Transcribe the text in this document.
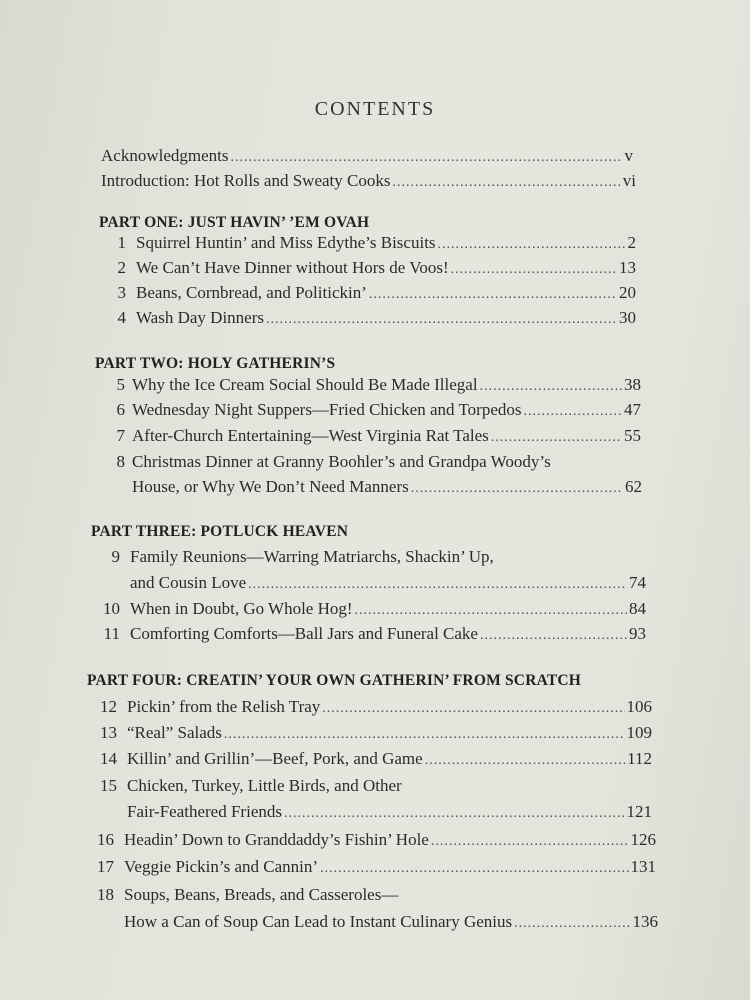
CONTENTS
Acknowledgments .....	v
Introduction: Hot Rolls and Sweaty Cooks .....	vi
PART ONE: JUST HAVIN’ ’EM OVAH
1 Squirrel Huntin’ and Miss Edythe’s Biscuits .....	2
2 We Can’t Have Dinner without Hors de Voos! .....	13
3 Beans, Cornbread, and Politickin’ .....	20
4 Wash Day Dinners .....	30
PART TWO: HOLY GATHERIN’S
5 Why the Ice Cream Social Should Be Made Illegal .....	38
6 Wednesday Night Suppers—Fried Chicken and Torpedos .....	47
7 After-Church Entertaining—West Virginia Rat Tales .....	55
8 Christmas Dinner at Granny Boohler’s and Grandpa Woody’s
House, or Why We Don’t Need Manners .....	62
PART THREE: POTLUCK HEAVEN
9 Family Reunions—Warring Matriarchs, Shackin’ Up,
and Cousin Love .....	74
10 When in Doubt, Go Whole Hog! .....	84
11 Comforting Comforts—Ball Jars and Funeral Cake .....	93
PART FOUR: CREATIN’ YOUR OWN GATHERIN’ FROM SCRATCH
12 Pickin’ from the Relish Tray .....	106
13 “Real” Salads .....	109
14 Killin’ and Grillin’—Beef, Pork, and Game .....	112
15 Chicken, Turkey, Little Birds, and Other
Fair-Feathered Friends .....	121
16 Headin’ Down to Granddaddy’s Fishin’ Hole .....	126
17 Veggie Pickin’s and Cannin’ .....	131
18 Soups, Beans, Breads, and Casseroles—
How a Can of Soup Can Lead to Instant Culinary Genius .....	136
